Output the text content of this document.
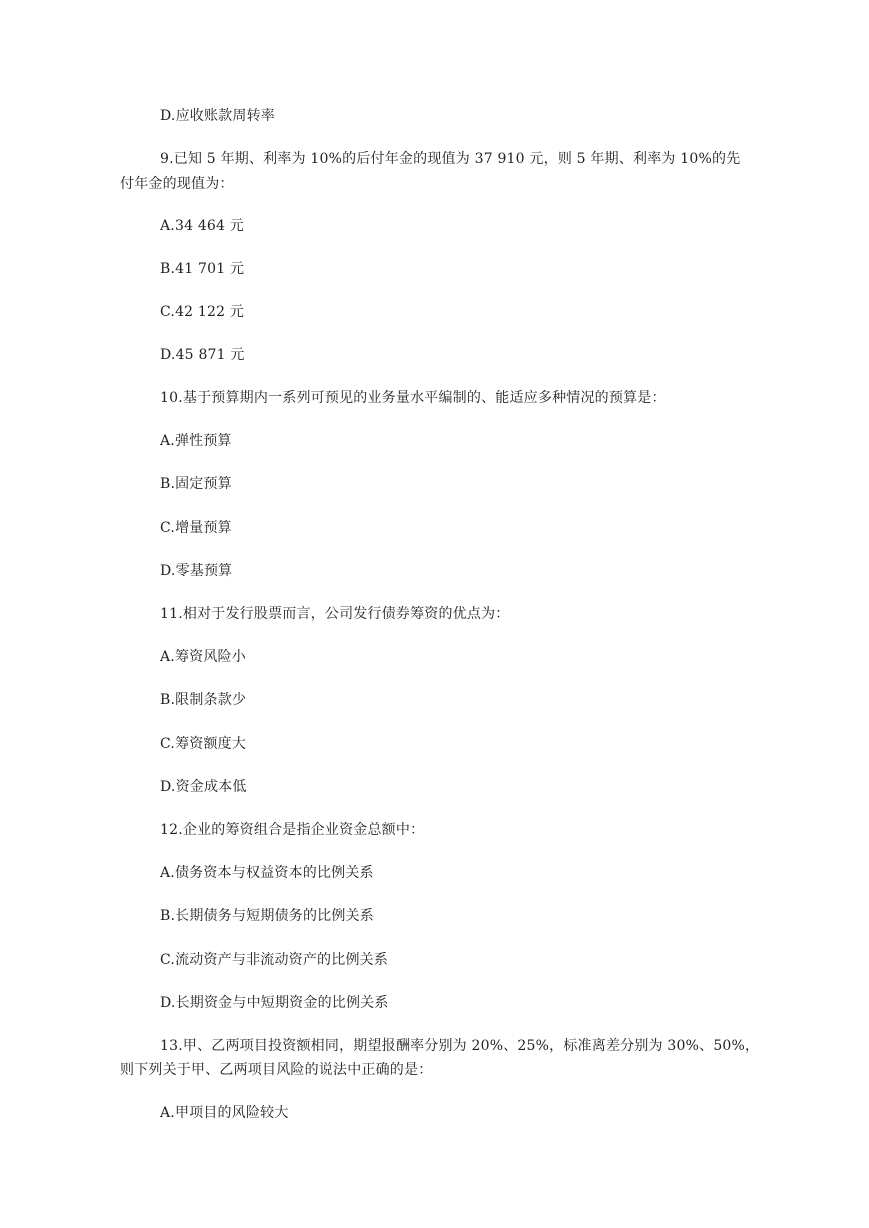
D.应收账款周转率
9.已知 5 年期、利率为 10%的后付年金的现值为 37 910 元，则 5 年期、利率为 10%的先
付年金的现值为：
A.34 464 元
B.41 701 元
C.42 122 元
D.45 871 元
10.基于预算期内一系列可预见的业务量水平编制的、能适应多种情况的预算是：
A.弹性预算
B.固定预算
C.增量预算
D.零基预算
11.相对于发行股票而言，公司发行债券筹资的优点为：
A.筹资风险小
B.限制条款少
C.筹资额度大
D.资金成本低
12.企业的筹资组合是指企业资金总额中：
A.债务资本与权益资本的比例关系
B.长期债务与短期债务的比例关系
C.流动资产与非流动资产的比例关系
D.长期资金与中短期资金的比例关系
13.甲、乙两项目投资额相同，期望报酬率分别为 20%、25%，标准离差分别为 30%、50%，
则下列关于甲、乙两项目风险的说法中正确的是：
A.甲项目的风险较大
